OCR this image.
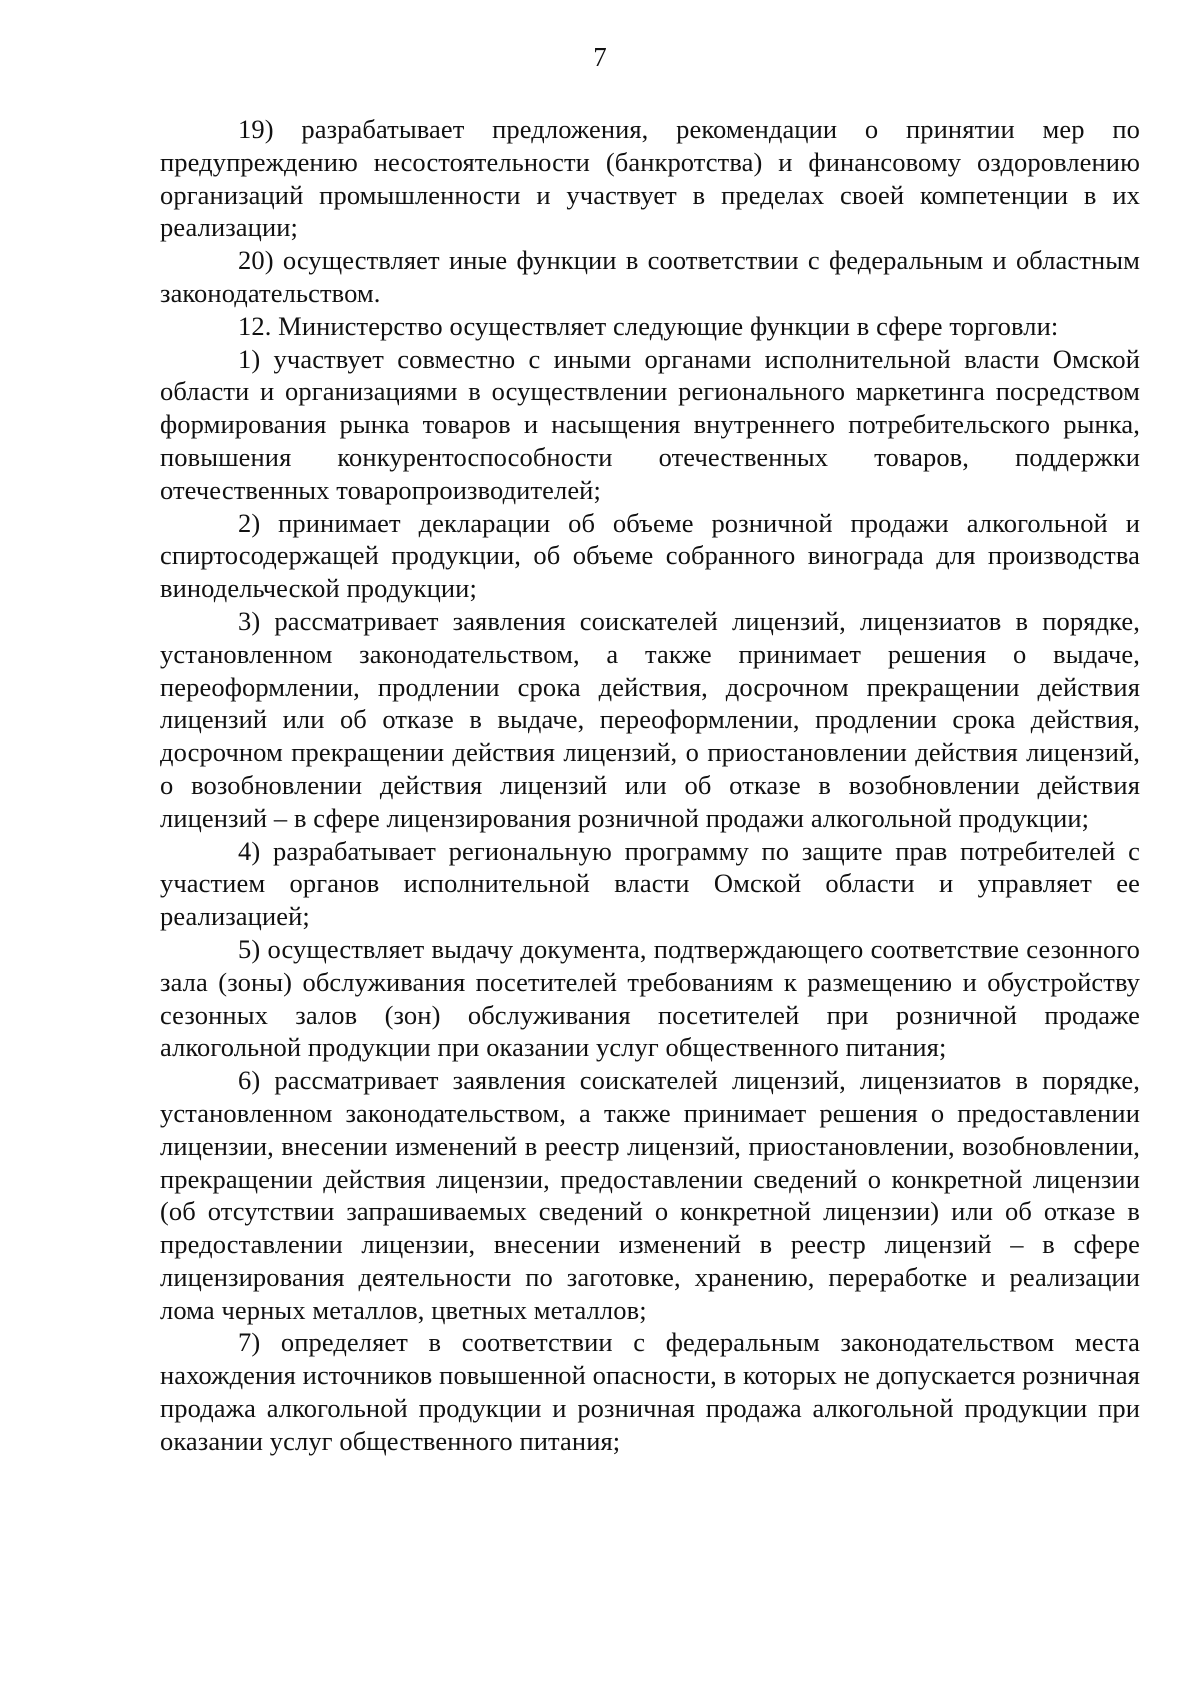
7

19) разрабатывает предложения, рекомендации о принятии мер по предупреждению несостоятельности (банкротства) и финансовому оздоровлению организаций промышленности и участвует в пределах своей компетенции в их реализации;

20) осуществляет иные функции в соответствии с федеральным и областным законодательством.

12. Министерство осуществляет следующие функции в сфере торговли:

1) участвует совместно с иными органами исполнительной власти Омской области и организациями в осуществлении регионального маркетинга посредством формирования рынка товаров и насыщения внутреннего потребительского рынка, повышения конкурентоспособности отечественных товаров, поддержки отечественных товаропроизводителей;

2) принимает декларации об объеме розничной продажи алкогольной и спиртосодержащей продукции, об объеме собранного винограда для производства винодельческой продукции;

3) рассматривает заявления соискателей лицензий, лицензиатов в порядке, установленном законодательством, а также принимает решения о выдаче, переоформлении, продлении срока действия, досрочном прекращении действия лицензий или об отказе в выдаче, переоформлении, продлении срока действия, досрочном прекращении действия лицензий, о приостановлении действия лицензий, о возобновлении действия лицензий или об отказе в возобновлении действия лицензий – в сфере лицензирования розничной продажи алкогольной продукции;

4) разрабатывает региональную программу по защите прав потребителей с участием органов исполнительной власти Омской области и управляет ее реализацией;

5) осуществляет выдачу документа, подтверждающего соответствие сезонного зала (зоны) обслуживания посетителей требованиям к размещению и обустройству сезонных залов (зон) обслуживания посетителей при розничной продаже алкогольной продукции при оказании услуг общественного питания;

6) рассматривает заявления соискателей лицензий, лицензиатов в порядке, установленном законодательством, а также принимает решения о предоставлении лицензии, внесении изменений в реестр лицензий, приостановлении, возобновлении, прекращении действия лицензии, предоставлении сведений о конкретной лицензии (об отсутствии запрашиваемых сведений о конкретной лицензии) или об отказе в предоставлении лицензии, внесении изменений в реестр лицензий – в сфере лицензирования деятельности по заготовке, хранению, переработке и реализации лома черных металлов, цветных металлов;

7) определяет в соответствии с федеральным законодательством места нахождения источников повышенной опасности, в которых не допускается розничная продажа алкогольной продукции и розничная продажа алкогольной продукции при оказании услуг общественного питания;
